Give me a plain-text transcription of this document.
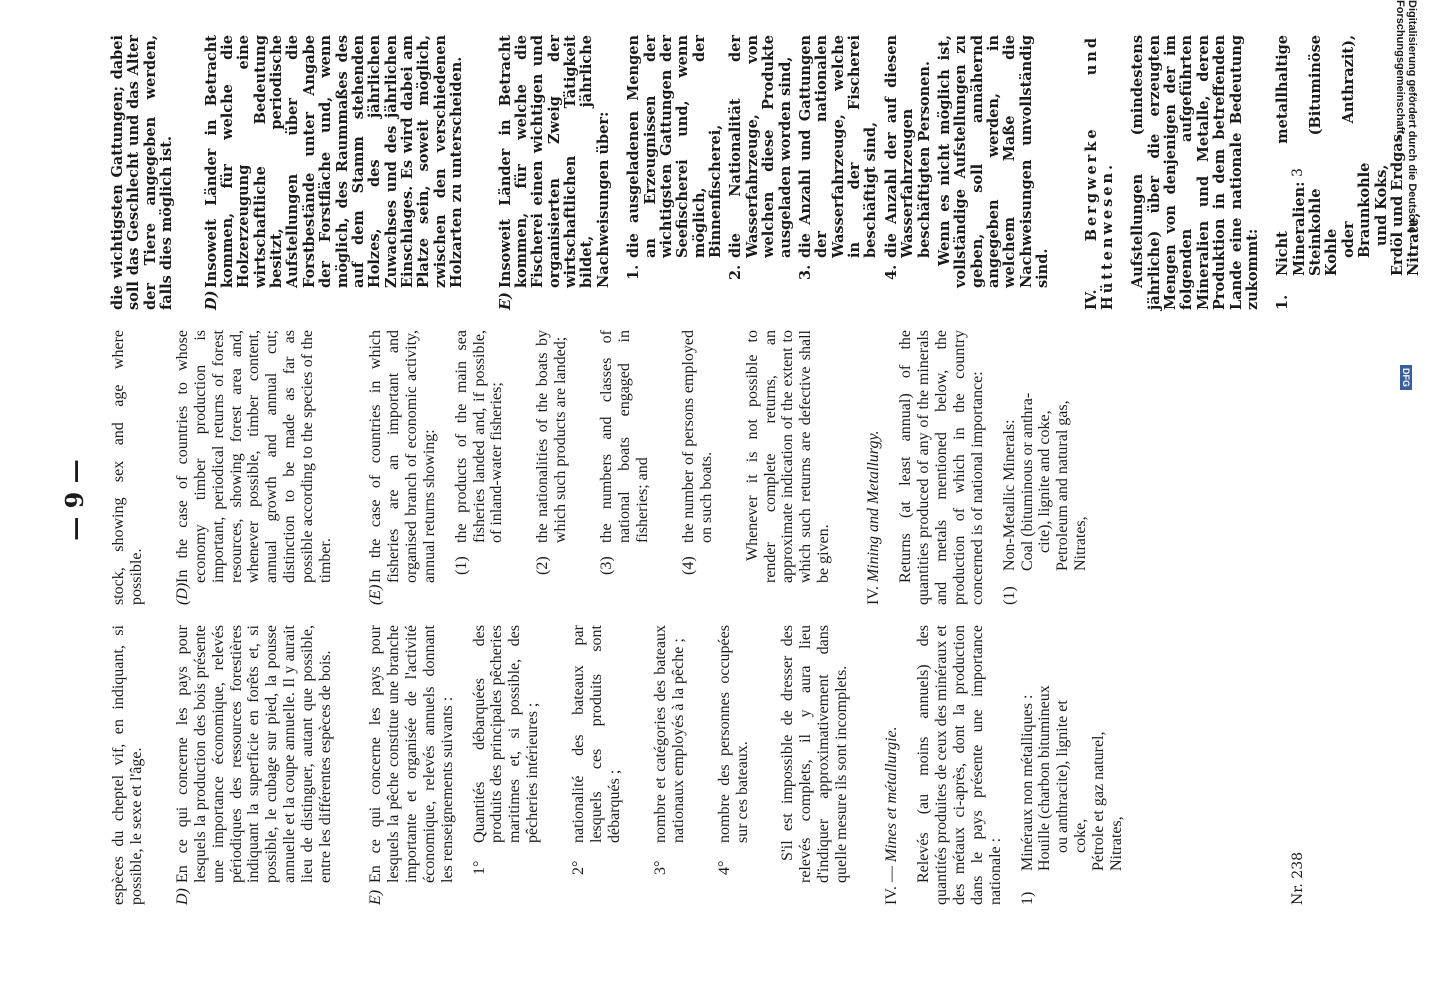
— 9 —

espèces du cheptel vif, en indiquant, si possible, le sexe et l'âge. D)

En ce qui concerne les pays pour lesquels la production des bois présente une importance économique, relevés périodiques des ressources forestières indiquant la superficie en forêts et, si possible, le cubage sur pied, la pousse annuelle et la coupe annuelle. Il y aurait lieu de distinguer, autant que possible, entre les différentes espèces de bois.

E)

En ce qui concerne les pays pour lesquels la pêche constitue une branche importante et organisée de l'activité économique, relevés annuels donnant les renseignements suivants : 1°
Quantités débarquées des produits des principales pêcheries maritimes et, si possible, des pêcheries intérieures ;
2°
nationalité des bateaux par lesquels ces produits sont débarqués ;
3°
nombre et catégories des bateaux nationaux employés à la pêche ;
4°
nombre des personnes occupées sur ces bateaux. S'il est impossible de dresser des relevés complets, il y aura lieu d'indiquer approximativement dans quelle mesure ils sont incomplets.

IV. — Mines et métallurgie. Relevés (au moins annuels) des quantités produites de ceux des minéraux et des métaux ci-après, dont la production dans le pays présente une importance nationale : 1)

Minéraux non métalliques : Houille (charbon bitumineux ou anthracite), lignite et coke, Pétrole et gaz naturel, Nitrates,

stock, showing sex and age where possible. (D)

In the case of countries to whose economy timber production is important, periodical returns of forest resources, showing forest area and, whenever possible, timber content, annual growth and annual cut; distinction to be made as far as possible according to the species of the timber.

(E)

In the case of countries in which fisheries are an important and organised branch of economic activity, annual returns showing: (1)
the products of the main sea fisheries landed and, if possible, of inland-water fisheries;
(2)
the nationalities of the boats by which such products are landed;
(3)
the numbers and classes of national boats engaged in fisheries; and
(4)
the number of persons employed on such boats. Whenever it is not possible to render complete returns, an approximate indication of the extent to which such returns are defective shall be given.

IV. Mining and Metallurgy. Returns (at least annual) of the quantities produced of any of the minerals and metals mentioned below, the production of which in the country concerned is of national importance: (1)

Non-Metallic Minerals: Coal (bituminous or anthra- cite), lignite and coke, Petroleum and natural gas, Nitrates,

die wichtigsten Gattungen; dabei soll das Geschlecht und das Alter der Tiere angegeben werden, falls dies möglich ist. D)

Insoweit Länder in Betracht kommen, für welche die Holzerzeugung eine wirtschaftliche Bedeutung besitzt, periodische Aufstellungen über die Forstbestände unter Angabe der Forstfläche und, wenn möglich, des Raummaßes des auf dem Stamm stehenden Holzes, des jährlichen Zuwachses und des jährlichen Einschlages. Es wird dabei am Platze sein, soweit möglich, zwischen den verschiedenen Holzarten zu unterscheiden.

E)

Insoweit Länder in Betracht kommen, für welche die Fischerei einen wichtigen und organisierten Zweig der wirtschaftlichen Tätigkeit bildet, jährliche Nachweisungen über: 1.
die ausgeladenen Mengen an Erzeugnissen der wichtigsten Gattungen der Seefischerei und, wenn möglich, der Binnenfischerei,
2.
die Nationalität der Wasserfahrzeuge, von welchen diese Produkte ausgeladen worden sind,
3.
die Anzahl und Gattungen der nationalen Wasserfahrzeuge, welche in der Fischerei beschäftigt sind,
4.
die Anzahl der auf diesen Wasserfahrzeugen beschäftigten Personen. Wenn es nicht möglich ist, vollständige Aufstellungen zu geben, soll annähernd angegeben werden, in welchem Maße die Nachweisungen unvollständig sind.

IV. Bergwerke und Hüttenwesen. Aufstellungen (mindestens jährliche) über die erzeugten Mengen von denjenigen der im folgenden aufgeführten Mineralien und Metalle, deren Produktion in dem betreffenden Lande eine nationale Bedeutung zukommt: 1.

Nicht metallhaltige Mineralien: Steinkohle (Bituminöse Kohle oder Anthrazit), Braunkohle und Koks, Erdöl und Erdgas, Nitrate,

Nr. 238
3	Digitalisierung gefördert durch die Deutsche Forschungsgemeinschaft -
DFG
